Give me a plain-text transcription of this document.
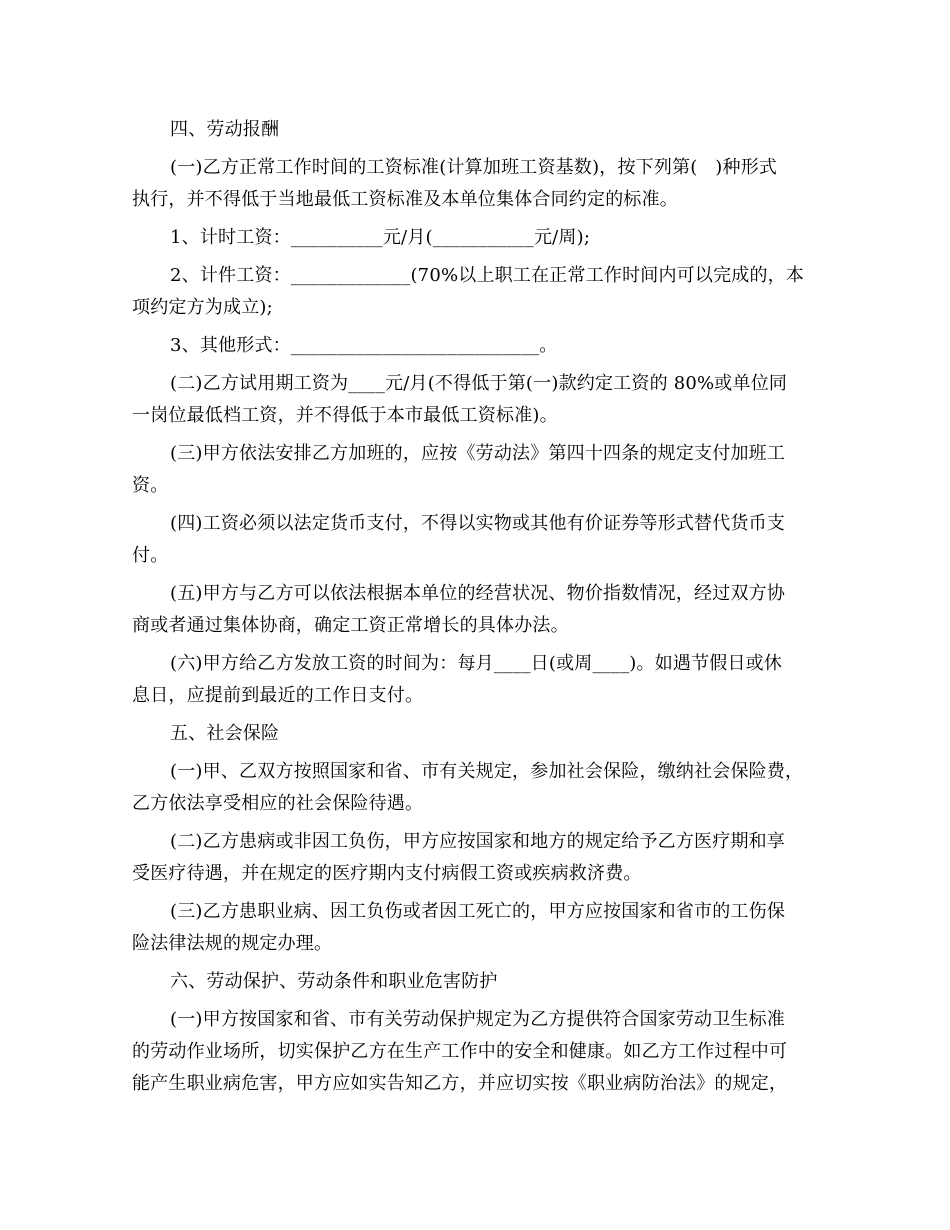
四、劳动报酬

(一)乙方正常工作时间的工资标准(计算加班工资基数)，按下列第(   )种形式

执行，并不得低于当地最低工资标准及本单位集体合同约定的标准。

1、计时工资：__________元/月(___________元/周);

2、计件工资：_____________(70%以上职工在正常工作时间内可以完成的，本

项约定方为成立);

3、其他形式：___________________________。

(二)乙方试用期工资为____元/月(不得低于第(一)款约定工资的 80%或单位同

一岗位最低档工资，并不得低于本市最低工资标准)。

(三)甲方依法安排乙方加班的，应按《劳动法》第四十四条的规定支付加班工

资。

(四)工资必须以法定货币支付，不得以实物或其他有价证券等形式替代货币支

付。

(五)甲方与乙方可以依法根据本单位的经营状况、物价指数情况，经过双方协

商或者通过集体协商，确定工资正常增长的具体办法。

(六)甲方给乙方发放工资的时间为：每月____日(或周____)。如遇节假日或休

息日，应提前到最近的工作日支付。

五、社会保险

(一)甲、乙双方按照国家和省、市有关规定，参加社会保险，缴纳社会保险费，

乙方依法享受相应的社会保险待遇。

(二)乙方患病或非因工负伤，甲方应按国家和地方的规定给予乙方医疗期和享

受医疗待遇，并在规定的医疗期内支付病假工资或疾病救济费。

(三)乙方患职业病、因工负伤或者因工死亡的，甲方应按国家和省市的工伤保

险法律法规的规定办理。

六、劳动保护、劳动条件和职业危害防护

(一)甲方按国家和省、市有关劳动保护规定为乙方提供符合国家劳动卫生标准

的劳动作业场所，切实保护乙方在生产工作中的安全和健康。如乙方工作过程中可

能产生职业病危害，甲方应如实告知乙方，并应切实按《职业病防治法》的规定，
